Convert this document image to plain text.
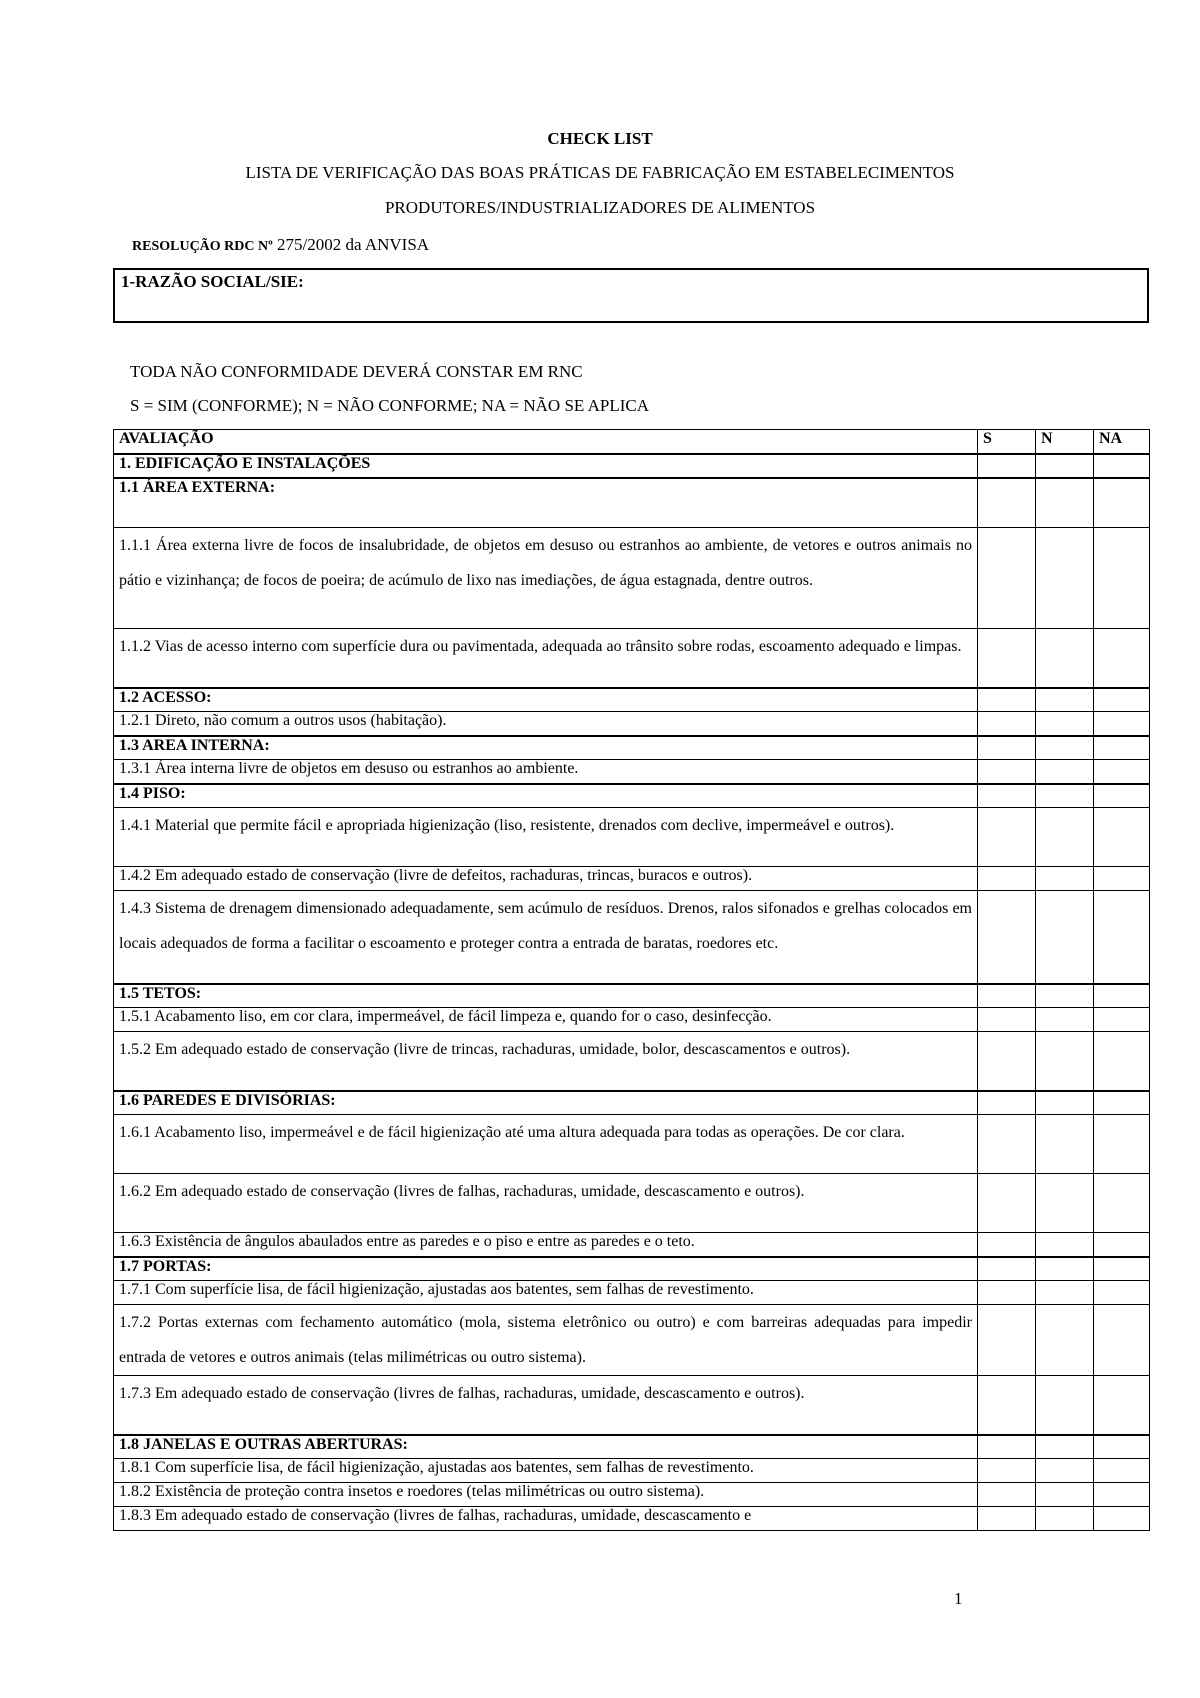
CHECK LIST
LISTA DE VERIFICAÇÃO DAS BOAS PRÁTICAS DE FABRICAÇÃO EM ESTABELECIMENTOS
PRODUTORES/INDUSTRIALIZADORES DE ALIMENTOS
RESOLUÇÃO RDC Nº 275/2002 da ANVISA
1-RAZÃO SOCIAL/SIE:
TODA NÃO CONFORMIDADE DEVERÁ CONSTAR EM RNC
S = SIM (CONFORME); N = NÃO CONFORME; NA = NÃO SE APLICA
AVALIAÇÃO	S	N	NA
1. EDIFICAÇÃO E INSTALAÇÕES			
1.1 ÁREA EXTERNA:			
1.1.1 Área externa livre de focos de insalubridade, de objetos em desuso ou estranhos ao ambiente, de vetores e outros animais no pátio e vizinhança; de focos de poeira; de acúmulo de lixo nas imediações, de água estagnada, dentre outros.			
1.1.2 Vias de acesso interno com superfície dura ou pavimentada, adequada ao trânsito sobre rodas, escoamento adequado e limpas.			
1.2 ACESSO:			
1.2.1 Direto, não comum a outros usos (habitação).			
1.3 AREA INTERNA:			
1.3.1 Área interna livre de objetos em desuso ou estranhos ao ambiente.			
1.4 PISO:			
1.4.1 Material que permite fácil e apropriada higienização (liso, resistente, drenados com declive, impermeável e outros).			
1.4.2 Em adequado estado de conservação (livre de defeitos, rachaduras, trincas, buracos e outros).			
1.4.3 Sistema de drenagem dimensionado adequadamente, sem acúmulo de resíduos. Drenos, ralos sifonados e grelhas colocados em locais adequados de forma a facilitar o escoamento e proteger contra a entrada de baratas, roedores etc.			
1.5 TETOS:			
1.5.1 Acabamento liso, em cor clara, impermeável, de fácil limpeza e, quando for o caso, desinfecção.			
1.5.2 Em adequado estado de conservação (livre de trincas, rachaduras, umidade, bolor, descascamentos e outros).			
1.6 PAREDES E DIVISÓRIAS:			
1.6.1 Acabamento liso, impermeável e de fácil higienização até uma altura adequada para todas as operações. De cor clara.			
1.6.2 Em adequado estado de conservação (livres de falhas, rachaduras, umidade, descascamento e outros).			
1.6.3 Existência de ângulos abaulados entre as paredes e o piso e entre as paredes e o teto.			
1.7 PORTAS:			
1.7.1 Com superfície lisa, de fácil higienização, ajustadas aos batentes, sem falhas de revestimento.			
1.7.2 Portas externas com fechamento automático (mola, sistema eletrônico ou outro) e com barreiras adequadas para impedir entrada de vetores e outros animais (telas milimétricas ou outro sistema).			
1.7.3 Em adequado estado de conservação (livres de falhas, rachaduras, umidade, descascamento e outros).			
1.8 JANELAS E OUTRAS ABERTURAS:			
1.8.1 Com superfície lisa, de fácil higienização, ajustadas aos batentes, sem falhas de revestimento.			
1.8.2 Existência de proteção contra insetos e roedores (telas milimétricas ou outro sistema).			
1.8.3 Em adequado estado de conservação (livres de falhas, rachaduras, umidade, descascamento e			
1
